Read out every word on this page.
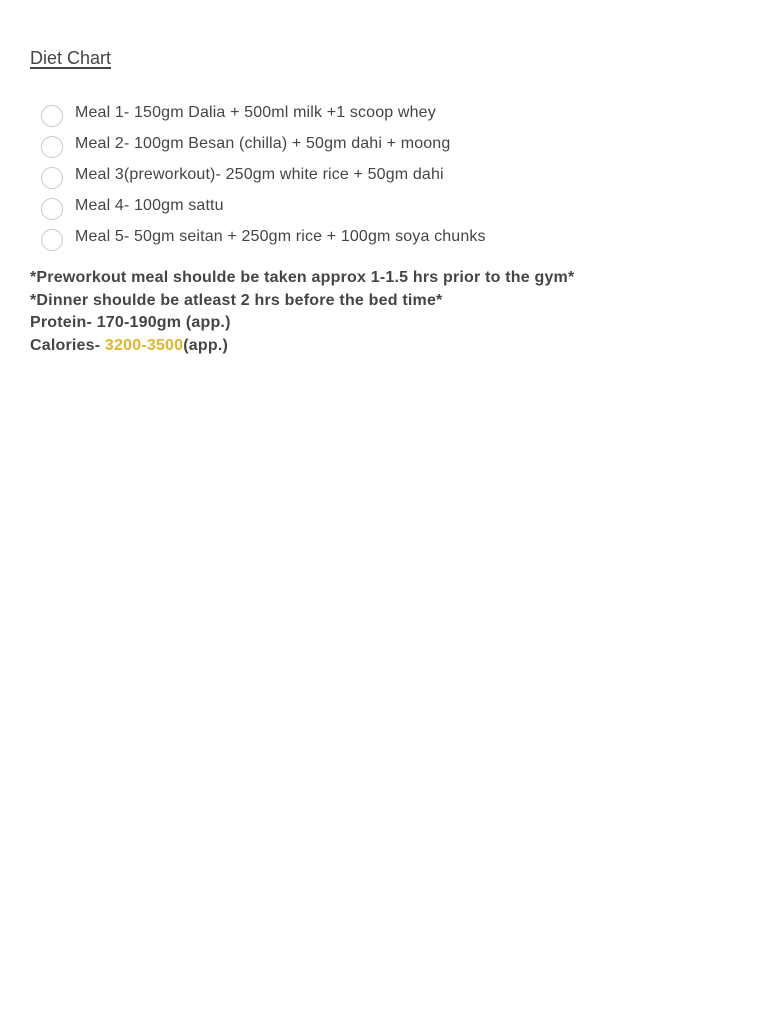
Diet Chart
Meal 1- 150gm Dalia + 500ml milk +1 scoop whey
Meal 2- 100gm Besan (chilla) + 50gm dahi + moong
Meal 3(preworkout)- 250gm white rice + 50gm dahi
Meal 4- 100gm sattu
Meal 5- 50gm seitan + 250gm rice + 100gm soya chunks
*Preworkout meal shoulde be taken approx 1-1.5 hrs prior to the gym*
*Dinner shoulde be atleast 2 hrs before the bed time*
Protein- 170-190gm (app.)
Calories- 3200-3500(app.)
